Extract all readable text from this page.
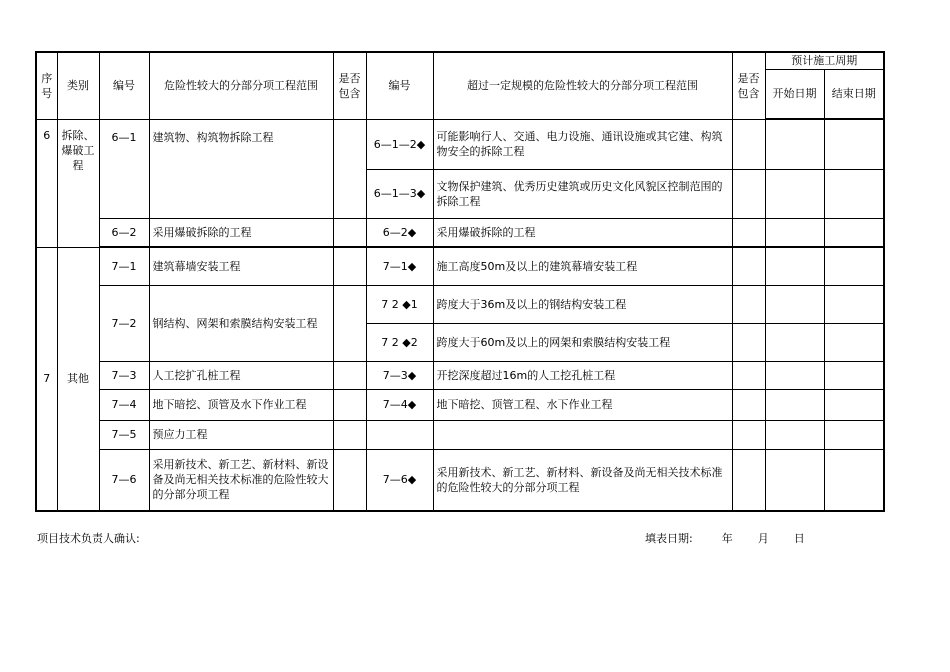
序号	类别	编号	危险性较大的分部分项工程范围	是否包含	编号	超过一定规模的危险性较大的分部分项工程范围	是否包含	预计施工周期	
								开始日期	结束日期
6	拆除、爆破工程	6—1	建筑物、构筑物拆除工程		6—1—2◆	可能影响行人、交通、电力设施、通讯设施或其它建、构筑物安全的拆除工程			
					6—1—3◆	文物保护建筑、优秀历史建筑或历史文化风貌区控制范围的拆除工程			
		6—2	采用爆破拆除的工程		6—2◆	采用爆破拆除的工程			
7	其他	7—1	建筑幕墙安装工程		7—1◆	施工高度50m及以上的建筑幕墙安装工程			
		7—2	钢结构、网架和索膜结构安装工程		7 2 ◆1	跨度大于36m及以上的钢结构安装工程			
					7 2 ◆2	跨度大于60m及以上的网架和索膜结构安装工程			
		7—3	人工挖扩孔桩工程		7—3◆	开挖深度超过16m的人工挖孔桩工程			
		7—4	地下暗挖、顶管及水下作业工程		7—4◆	地下暗挖、顶管工程、水下作业工程			
		7—5	预应力工程						
		7—6	采用新技术、新工艺、新材料、新设备及尚无相关技术标准的危险性较大的分部分项工程		7—6◆	采用新技术、新工艺、新材料、新设备及尚无相关技术标准的危险性较大的分部分项工程			
项目技术负责人确认:	填表日期:	年 月 日
